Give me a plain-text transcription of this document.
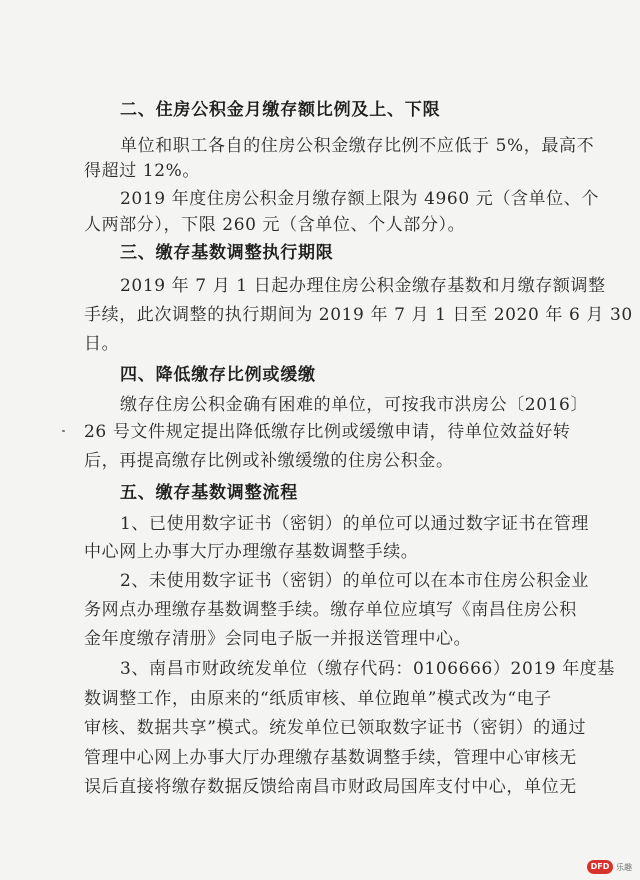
二、住房公积金月缴存额比例及上、下限
单位和职工各自的住房公积金缴存比例不应低于 5%，最高不
得超过 12%。
2019 年度住房公积金月缴存额上限为 4960 元（含单位、个
人两部分），下限 260 元（含单位、个人部分）。
三、缴存基数调整执行期限
2019 年 7 月 1 日起办理住房公积金缴存基数和月缴存额调整
手续，此次调整的执行期间为 2019 年 7 月 1 日至 2020 年 6 月 30
日。
四、降低缴存比例或缓缴
缴存住房公积金确有困难的单位，可按我市洪房公〔2016〕
26 号文件规定提出降低缴存比例或缓缴申请，待单位效益好转
后，再提高缴存比例或补缴缓缴的住房公积金。
五、缴存基数调整流程
1、已使用数字证书（密钥）的单位可以通过数字证书在管理
中心网上办事大厅办理缴存基数调整手续。
2、未使用数字证书（密钥）的单位可以在本市住房公积金业
务网点办理缴存基数调整手续。缴存单位应填写《南昌住房公积
金年度缴存清册》会同电子版一并报送管理中心。
3、南昌市财政统发单位（缴存代码：0106666）2019 年度基
数调整工作，由原来的“纸质审核、单位跑单”模式改为“电子
审核、数据共享”模式。统发单位已领取数字证书（密钥）的通过
管理中心网上办事大厅办理缴存基数调整手续，管理中心审核无
误后直接将缴存数据反馈给南昌市财政局国库支付中心，单位无
DFD 乐趣
